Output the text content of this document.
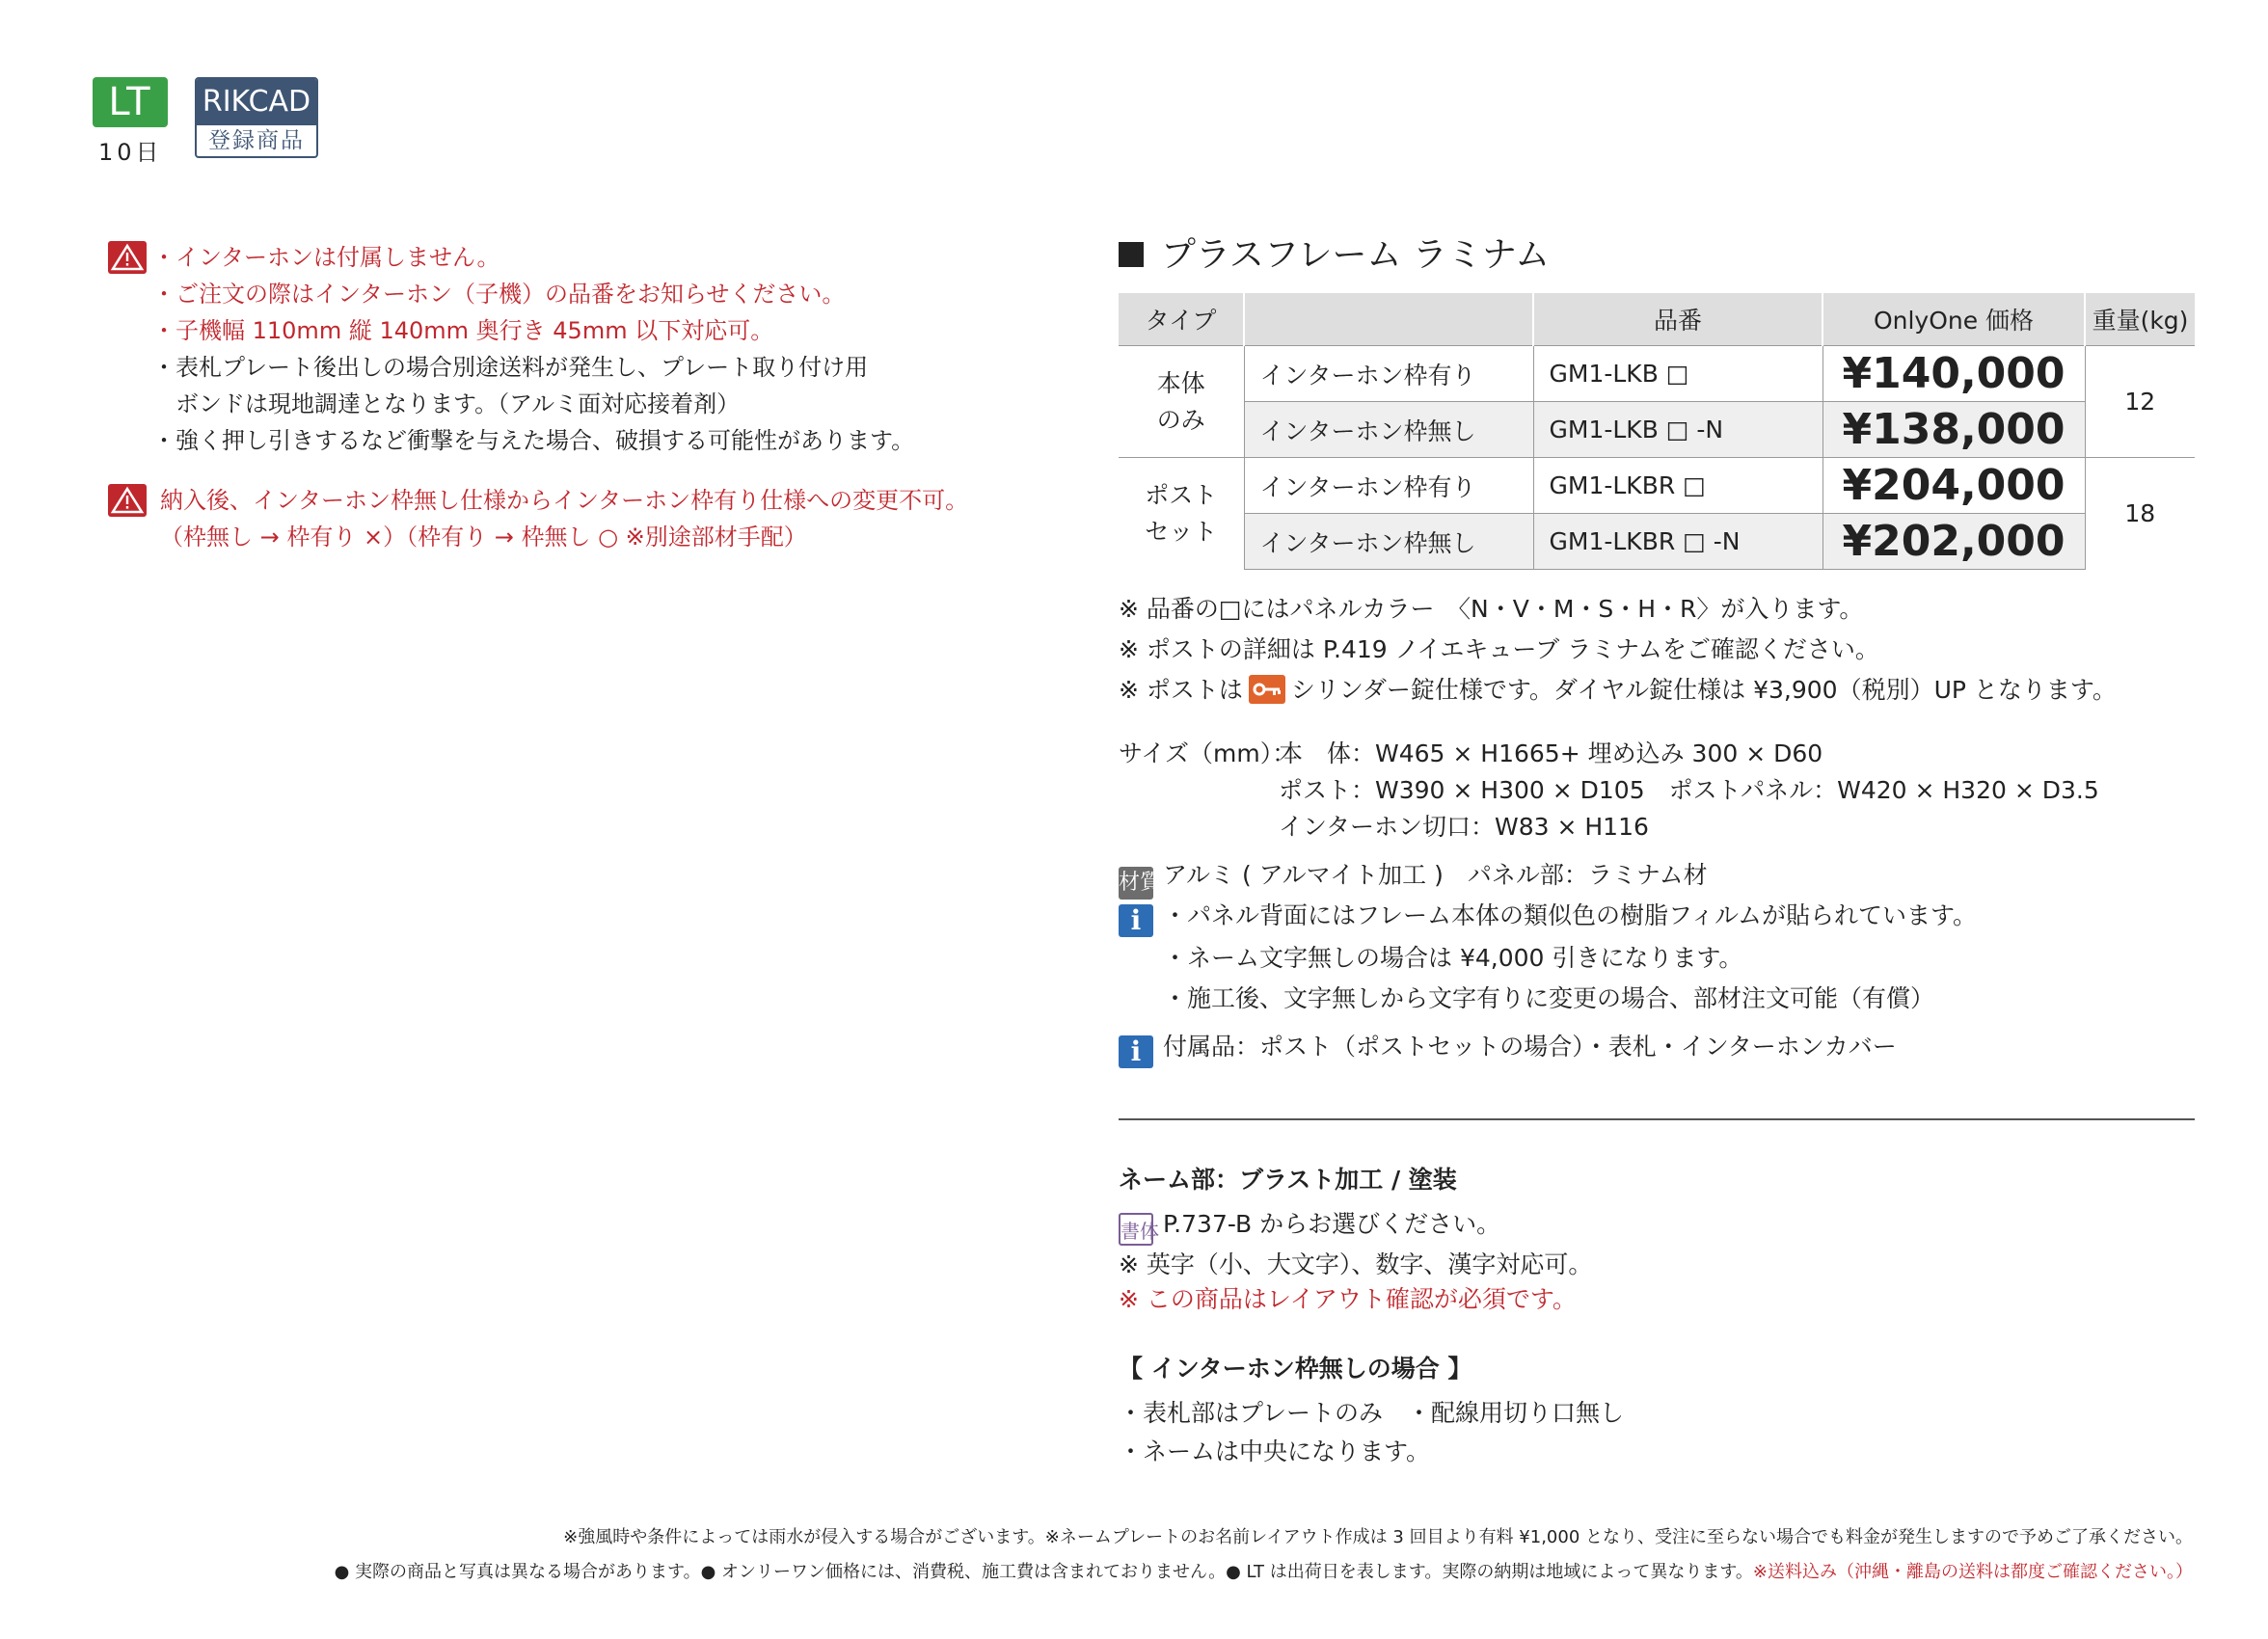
LT
10日
RIKCAD
登録商品
・インターホンは付属しません。
・ご注文の際はインターホン（子機）の品番をお知らせください。
・子機幅 110mm 縦 140mm 奥行き 45mm 以下対応可。
・表札プレート後出しの場合別途送料が発生し、プレート取り付け用
　ボンドは現地調達となります。（アルミ面対応接着剤）
・強く押し引きするなど衝撃を与えた場合、破損する可能性があります。
納入後、インターホン枠無し仕様からインターホン枠有り仕様への変更不可。
（枠無し → 枠有り ×）（枠有り → 枠無し ○ ※別途部材手配）
プラスフレーム ラミナム
タイプ		品番	OnlyOne 価格	重量(kg)

本体
のみ	インターホン枠有り	GM1-LKB □	¥140,000	12
	インターホン枠無し	GM1-LKB □ -N	¥138,000	

ポスト
セット	インターホン枠有り	GM1-LKBR □	¥204,000	18
	インターホン枠無し	GM1-LKBR □ -N	¥202,000	
※ 品番の□にはパネルカラー　〈N・V・M・S・H・R〉が入ります。
※ ポストの詳細は P.419 ノイエキューブ ラミナムをご確認ください。
※ ポストは シリンダー錠仕様です。ダイヤル錠仕様は ¥3,900（税別）UP となります。
サイズ（mm）：
本　体：W465 × H1665+ 埋め込み 300 × D60
ポスト：W390 × H300 × D105　ポストパネル：W420 × H320 × D3.5
インターホン切口：W83 × H116
材質アルミ ( アルマイト加工 )　パネル部：ラミナム材
i ・パネル背面にはフレーム本体の類似色の樹脂フィルムが貼られています。
・ネーム文字無しの場合は ¥4,000 引きになります。
・施工後、文字無しから文字有りに変更の場合、部材注文可能（有償）
i 付属品：ポスト（ポストセットの場合）・表札・インターホンカバー
ネーム部：ブラスト加工 / 塗装
書体 P.737-B からお選びください。
※ 英字（小、大文字）、数字、漢字対応可。
※ この商品はレイアウト確認が必須です。
【 インターホン枠無しの場合 】
・表札部はプレートのみ　・配線用切り口無し
・ネームは中央になります。
※強風時や条件によっては雨水が侵入する場合がございます。※ネームプレートのお名前レイアウト作成は 3 回目より有料 ¥1,000 となり、受注に至らない場合でも料金が発生しますので予めご了承ください。
● 実際の商品と写真は異なる場合があります。● オンリーワン価格には、消費税、施工費は含まれておりません。● LT は出荷日を表します。実際の納期は地域によって異なります。※送料込み（沖縄・離島の送料は都度ご確認ください。）
